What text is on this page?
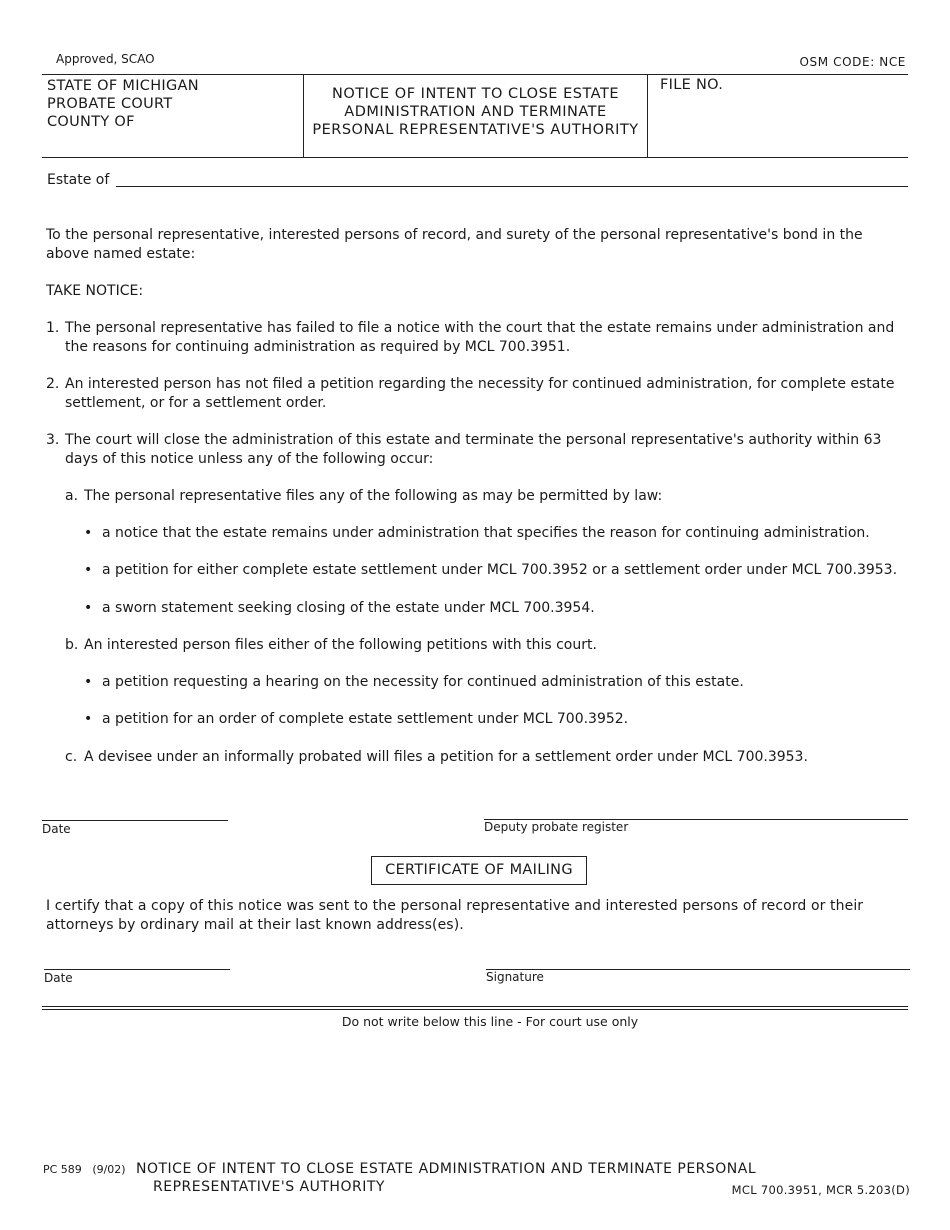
Approved, SCAO	OSM CODE: NCE
STATE OF MICHIGAN
PROBATE COURT
COUNTY OF
NOTICE OF INTENT TO CLOSE ESTATE
ADMINISTRATION AND TERMINATE
PERSONAL REPRESENTATIVE'S AUTHORITY
FILE NO.
Estate of
To the personal representative, interested persons of record, and surety of the personal representative's bond in the above named estate:
TAKE NOTICE:
1. The personal representative has failed to file a notice with the court that the estate remains under administration and the reasons for continuing administration as required by MCL 700.3951.
2. An interested person has not filed a petition regarding the necessity for continued administration, for complete estate settlement, or for a settlement order.
3. The court will close the administration of this estate and terminate the personal representative's authority within 63 days of this notice unless any of the following occur:
a. The personal representative files any of the following as may be permitted by law:
• a notice that the estate remains under administration that specifies the reason for continuing administration.
• a petition for either complete estate settlement under MCL 700.3952 or a settlement order under MCL 700.3953.
• a sworn statement seeking closing of the estate under MCL 700.3954.
b. An interested person files either of the following petitions with this court.
• a petition requesting a hearing on the necessity for continued administration of this estate.
• a petition for an order of complete estate settlement under MCL 700.3952.
c. A devisee under an informally probated will files a petition for a settlement order under MCL 700.3953.
Date	Deputy probate register
CERTIFICATE OF MAILING
I certify that a copy of this notice was sent to the personal representative and interested persons of record or their attorneys by ordinary mail at their last known address(es).
Date	Signature
Do not write below this line - For court use only
PC 589 (9/02) NOTICE OF INTENT TO CLOSE ESTATE ADMINISTRATION AND TERMINATE PERSONAL
REPRESENTATIVE'S AUTHORITY	MCL 700.3951, MCR 5.203(D)
